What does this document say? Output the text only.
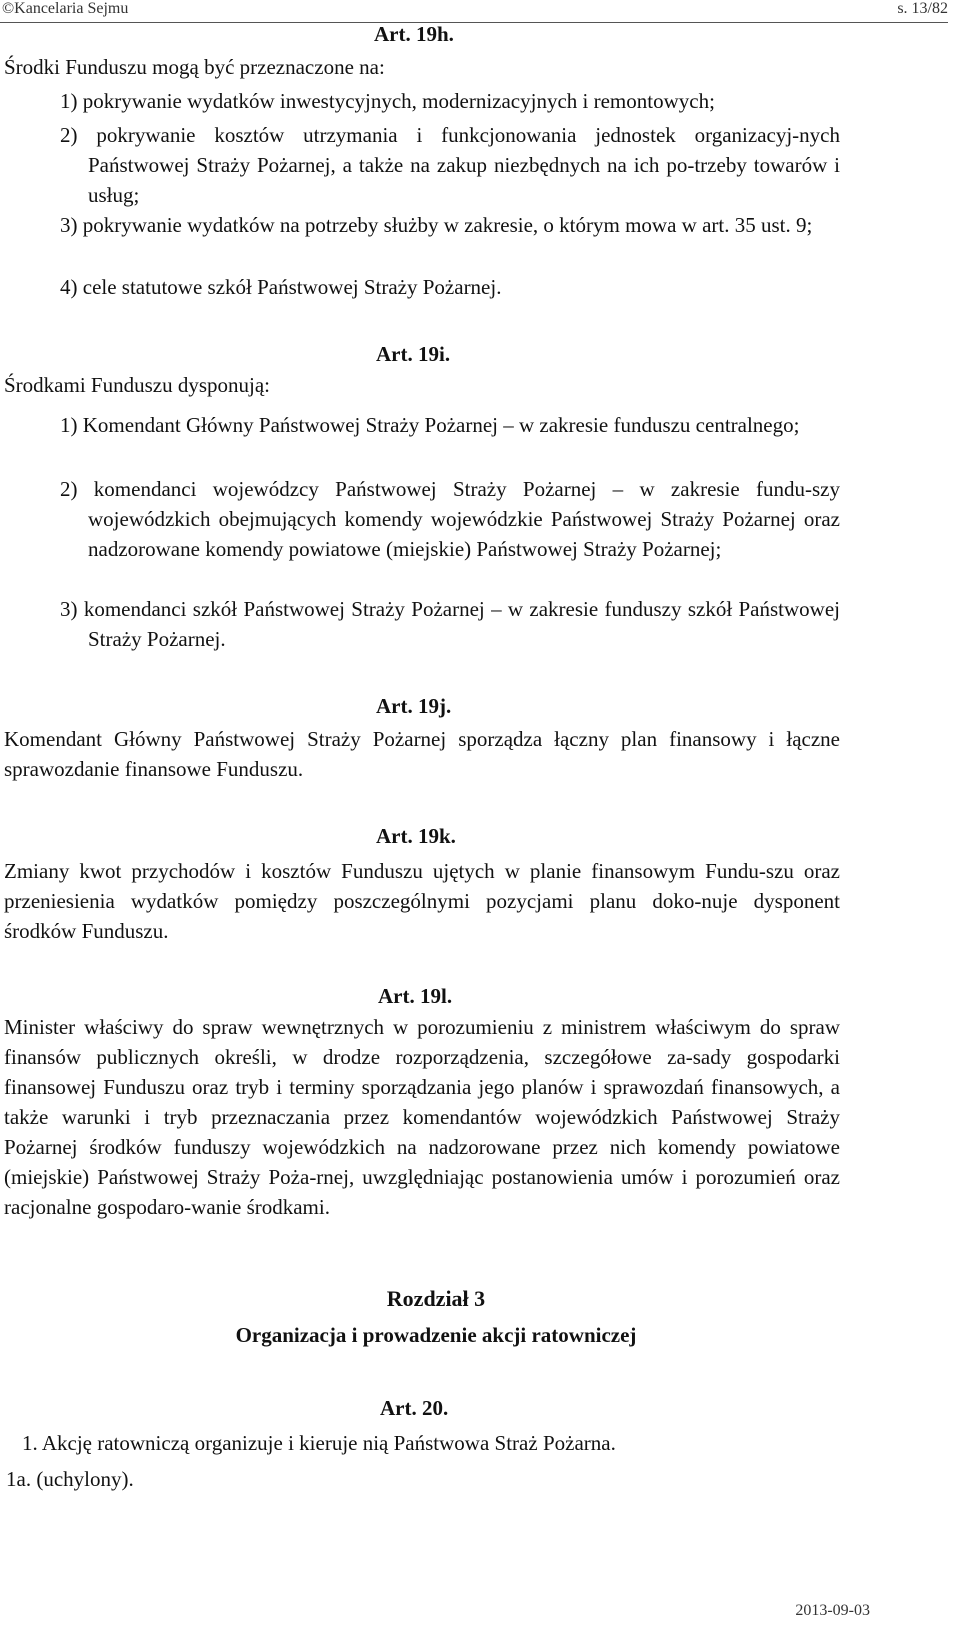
©Kancelaria Sejmu	s. 13/82
Art. 19h.
Środki Funduszu mogą być przeznaczone na:
1) pokrywanie wydatków inwestycyjnych, modernizacyjnych i remontowych;
2) pokrywanie kosztów utrzymania i funkcjonowania jednostek organizacyj-nych Państwowej Straży Pożarnej, a także na zakup niezbędnych na ich po-trzeby towarów i usług;
3) pokrywanie wydatków na potrzeby służby w zakresie, o którym mowa w art. 35 ust. 9;
4) cele statutowe szkół Państwowej Straży Pożarnej.
Art. 19i.
Środkami Funduszu dysponują:
1) Komendant Główny Państwowej Straży Pożarnej – w zakresie funduszu centralnego;
2) komendanci wojewódzcy Państwowej Straży Pożarnej – w zakresie fundu-szy wojewódzkich obejmujących komendy wojewódzkie Państwowej Straży Pożarnej oraz nadzorowane komendy powiatowe (miejskie) Państwowej Straży Pożarnej;
3) komendanci szkół Państwowej Straży Pożarnej – w zakresie funduszy szkół Państwowej Straży Pożarnej.
Art. 19j.
Komendant Główny Państwowej Straży Pożarnej sporządza łączny plan finansowy i łączne sprawozdanie finansowe Funduszu.
Art. 19k.
Zmiany kwot przychodów i kosztów Funduszu ujętych w planie finansowym Fundu-szu oraz przeniesienia wydatków pomiędzy poszczególnymi pozycjami planu doko-nuje dysponent środków Funduszu.
Art. 19l.
Minister właściwy do spraw wewnętrznych w porozumieniu z ministrem właściwym do spraw finansów publicznych określi, w drodze rozporządzenia, szczegółowe za-sady gospodarki finansowej Funduszu oraz tryb i terminy sporządzania jego planów i sprawozdań finansowych, a także warunki i tryb przeznaczania przez komendantów wojewódzkich Państwowej Straży Pożarnej środków funduszy wojewódzkich na nadzorowane przez nich komendy powiatowe (miejskie) Państwowej Straży Poża-rnej, uwzględniając postanowienia umów i porozumień oraz racjonalne gospodaro-wanie środkami.
Rozdział 3
Organizacja i prowadzenie akcji ratowniczej
Art. 20.
1. Akcję ratowniczą organizuje i kieruje nią Państwowa Straż Pożarna.
1a. (uchylony).
2013-09-03
